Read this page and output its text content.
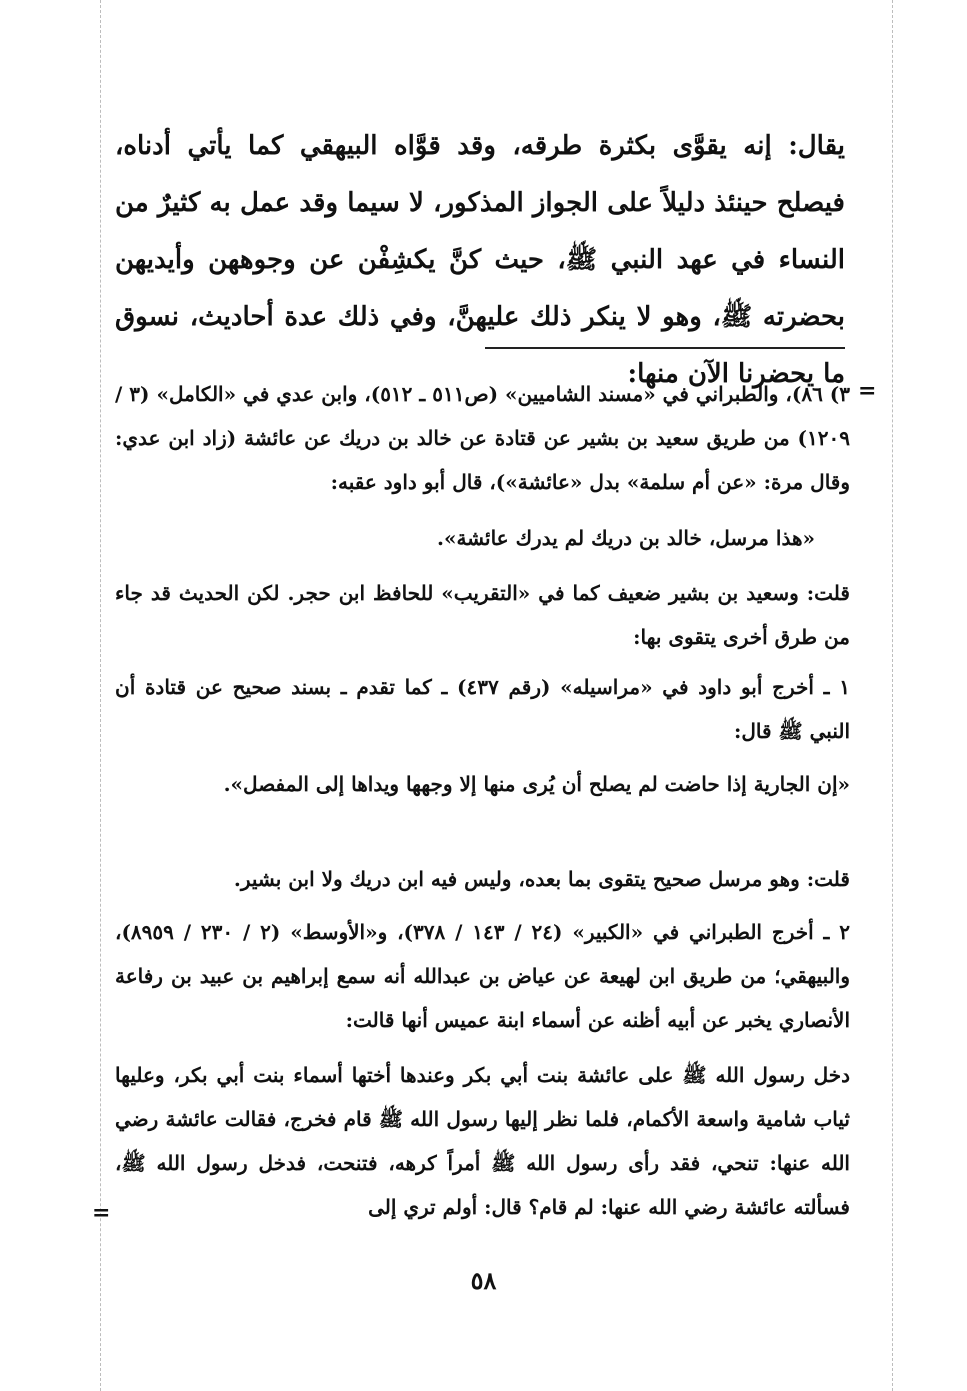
يقال: إنه يقوَّى بكثرة طرقه، وقد قوَّاه البيهقي كما يأتي أدناه، فيصلح حينئذ دليلاً على الجواز المذكور، لا سيما وقد عمل به كثيرٌ من النساء في عهد النبي ﷺ، حيث كنَّ يكشِفْن عن وجوههن وأيديهن بحضرته ﷺ، وهو لا ينكر ذلك عليهنَّ، وفي ذلك عدة أحاديث، نسوق ما يحضرنا الآن منها:

=

٣) ٨٦)، والطبراني في «مسند الشاميين» (ص٥١١ ـ ٥١٢)، وابن عدي في «الكامل» (٣ / ١٢٠٩) من طريق سعيد بن بشير عن قتادة عن خالد بن دريك عن عائشة (زاد ابن عدي: وقال مرة: «عن أم سلمة» بدل «عائشة»)، قال أبو داود عقبه:

«هذا مرسل، خالد بن دريك لم يدرك عائشة».

قلت: وسعيد بن بشير ضعيف كما في «التقريب» للحافظ ابن حجر. لكن الحديث قد جاء من طرق أخرى يتقوى بها:

١ ـ أخرج أبو داود في «مراسيله» (رقم ٤٣٧) ـ كما تقدم ـ بسند صحيح عن قتادة أن النبي ﷺ قال:

«إن الجارية إذا حاضت لم يصلح أن يُرى منها إلا وجهها ويداها إلى المفصل».

قلت: وهو مرسل صحيح يتقوى بما بعده، وليس فيه ابن دريك ولا ابن بشير.

٢ ـ أخرج الطبراني في «الكبير» (٢٤ / ١٤٣ / ٣٧٨)، و«الأوسط» (٢ / ٢٣٠ / ٨٩٥٩)، والبيهقي؛ من طريق ابن لهيعة عن عياض بن عبدالله أنه سمع إبراهيم بن عبيد بن رفاعة الأنصاري يخبر عن أبيه أظنه عن أسماء ابنة عميس أنها قالت:

دخل رسول الله ﷺ على عائشة بنت أبي بكر وعندها أختها أسماء بنت أبي بكر، وعليها ثياب شامية واسعة الأكمام، فلما نظر إليها رسول الله ﷺ قام فخرج، فقالت عائشة رضي الله عنها: تنحي، فقد رأى رسول الله ﷺ أمراً كرهه، فتنحت، فدخل رسول الله ﷺ، فسألته عائشة رضي الله عنها: لم قام؟ قال: أولم تري إلى

=
٥٨
